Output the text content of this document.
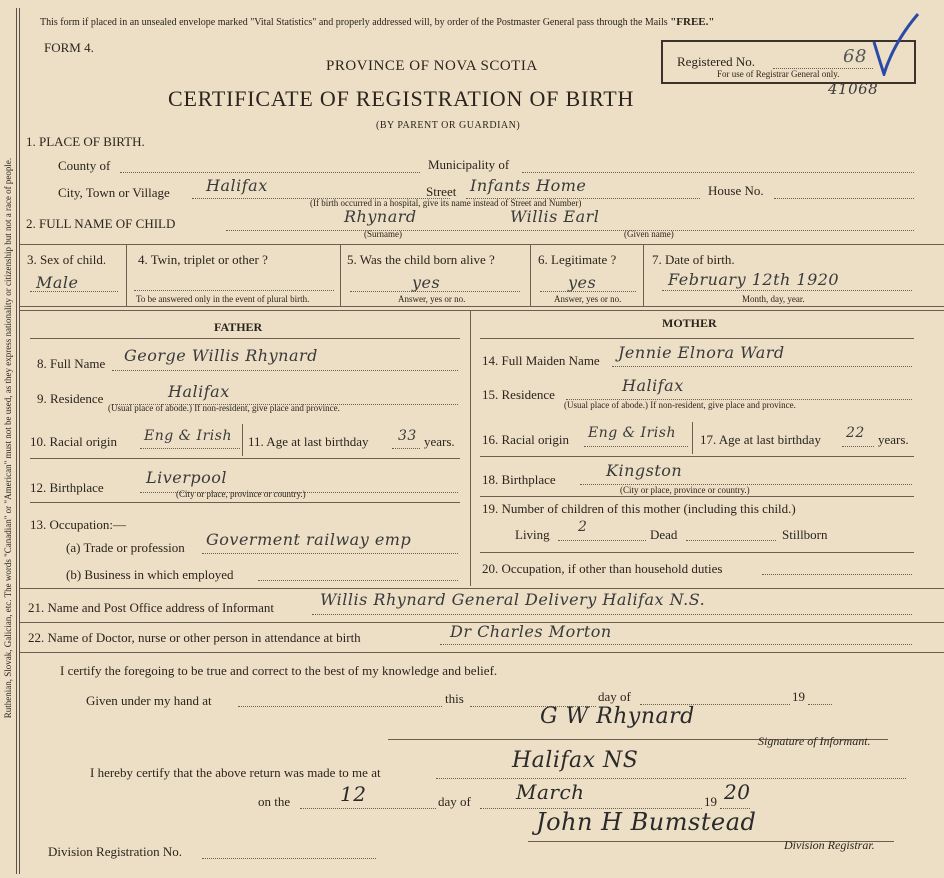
Ruthenian, Slovak, Galician, etc. The words "Canadian" or "American" must not be used, as they express nationality or citizenship but not a race of people.
This form if placed in an unsealed envelope marked "Vital Statistics" and properly addressed will, by order of the Postmaster General pass through the Mails "FREE."
FORM 4.
PROVINCE OF NOVA SCOTIA
CERTIFICATE OF REGISTRATION OF BIRTH
(BY PARENT OR GUARDIAN)
Registered No.	68
For use of Registrar General only.
41068
1. PLACE OF BIRTH.
County of	Municipality of
City, Town or Village Halifax	Street Infants Home	House No.
(If birth occurred in a hospital, give its name instead of Street and Number)
2. FULL NAME OF CHILD	Rhynard	Willis Earl
(Surname)	(Given name)
3. Sex of child.
Male
4. Twin, triplet or other ?
To be answered only in the event of plural birth.
5. Was the child born alive ?
yes
Answer, yes or no.
6. Legitimate ?
yes
Answer, yes or no.
7. Date of birth.
February 12th 1920
Month, day, year.
FATHER	MOTHER
8. Full Name George Willis Rhynard
9. Residence	Halifax
(Usual place of abode.) If non-resident, give place and province.
10. Racial origin Eng & Irish 11. Age at last birthday 33 years.
12. Birthplace
Liverpool
(City or place, province or country.)
13. Occupation:—
(a) Trade or profession Goverment railway emp
(b) Business in which employed
14. Full Maiden Name Jennie Elnora Ward
15. Residence	Halifax
(Usual place of abode.) If non-resident, give place and province.
16. Racial origin Eng & Irish 17. Age at last birthday 22 years.
18. Birthplace	Kingston
(City or place, province or country.)
19. Number of children of this mother (including this child.)
Living 2	Dead	Stillborn
20. Occupation, if other than household duties
21. Name and Post Office address of Informant	Willis Rhynard General Delivery Halifax N.S.
22. Name of Doctor, nurse or other person in attendance at birth	Dr Charles Morton
I certify the foregoing to be true and correct to the best of my knowledge and belief.
Given under my hand at	this	day of	19
G W Rhynard
Signature of Informant.
I hereby certify that the above return was made to me at	Halifax NS
on the 12	day of March	19 20
John H Bumstead
Division Registrar.
Division Registration No.
